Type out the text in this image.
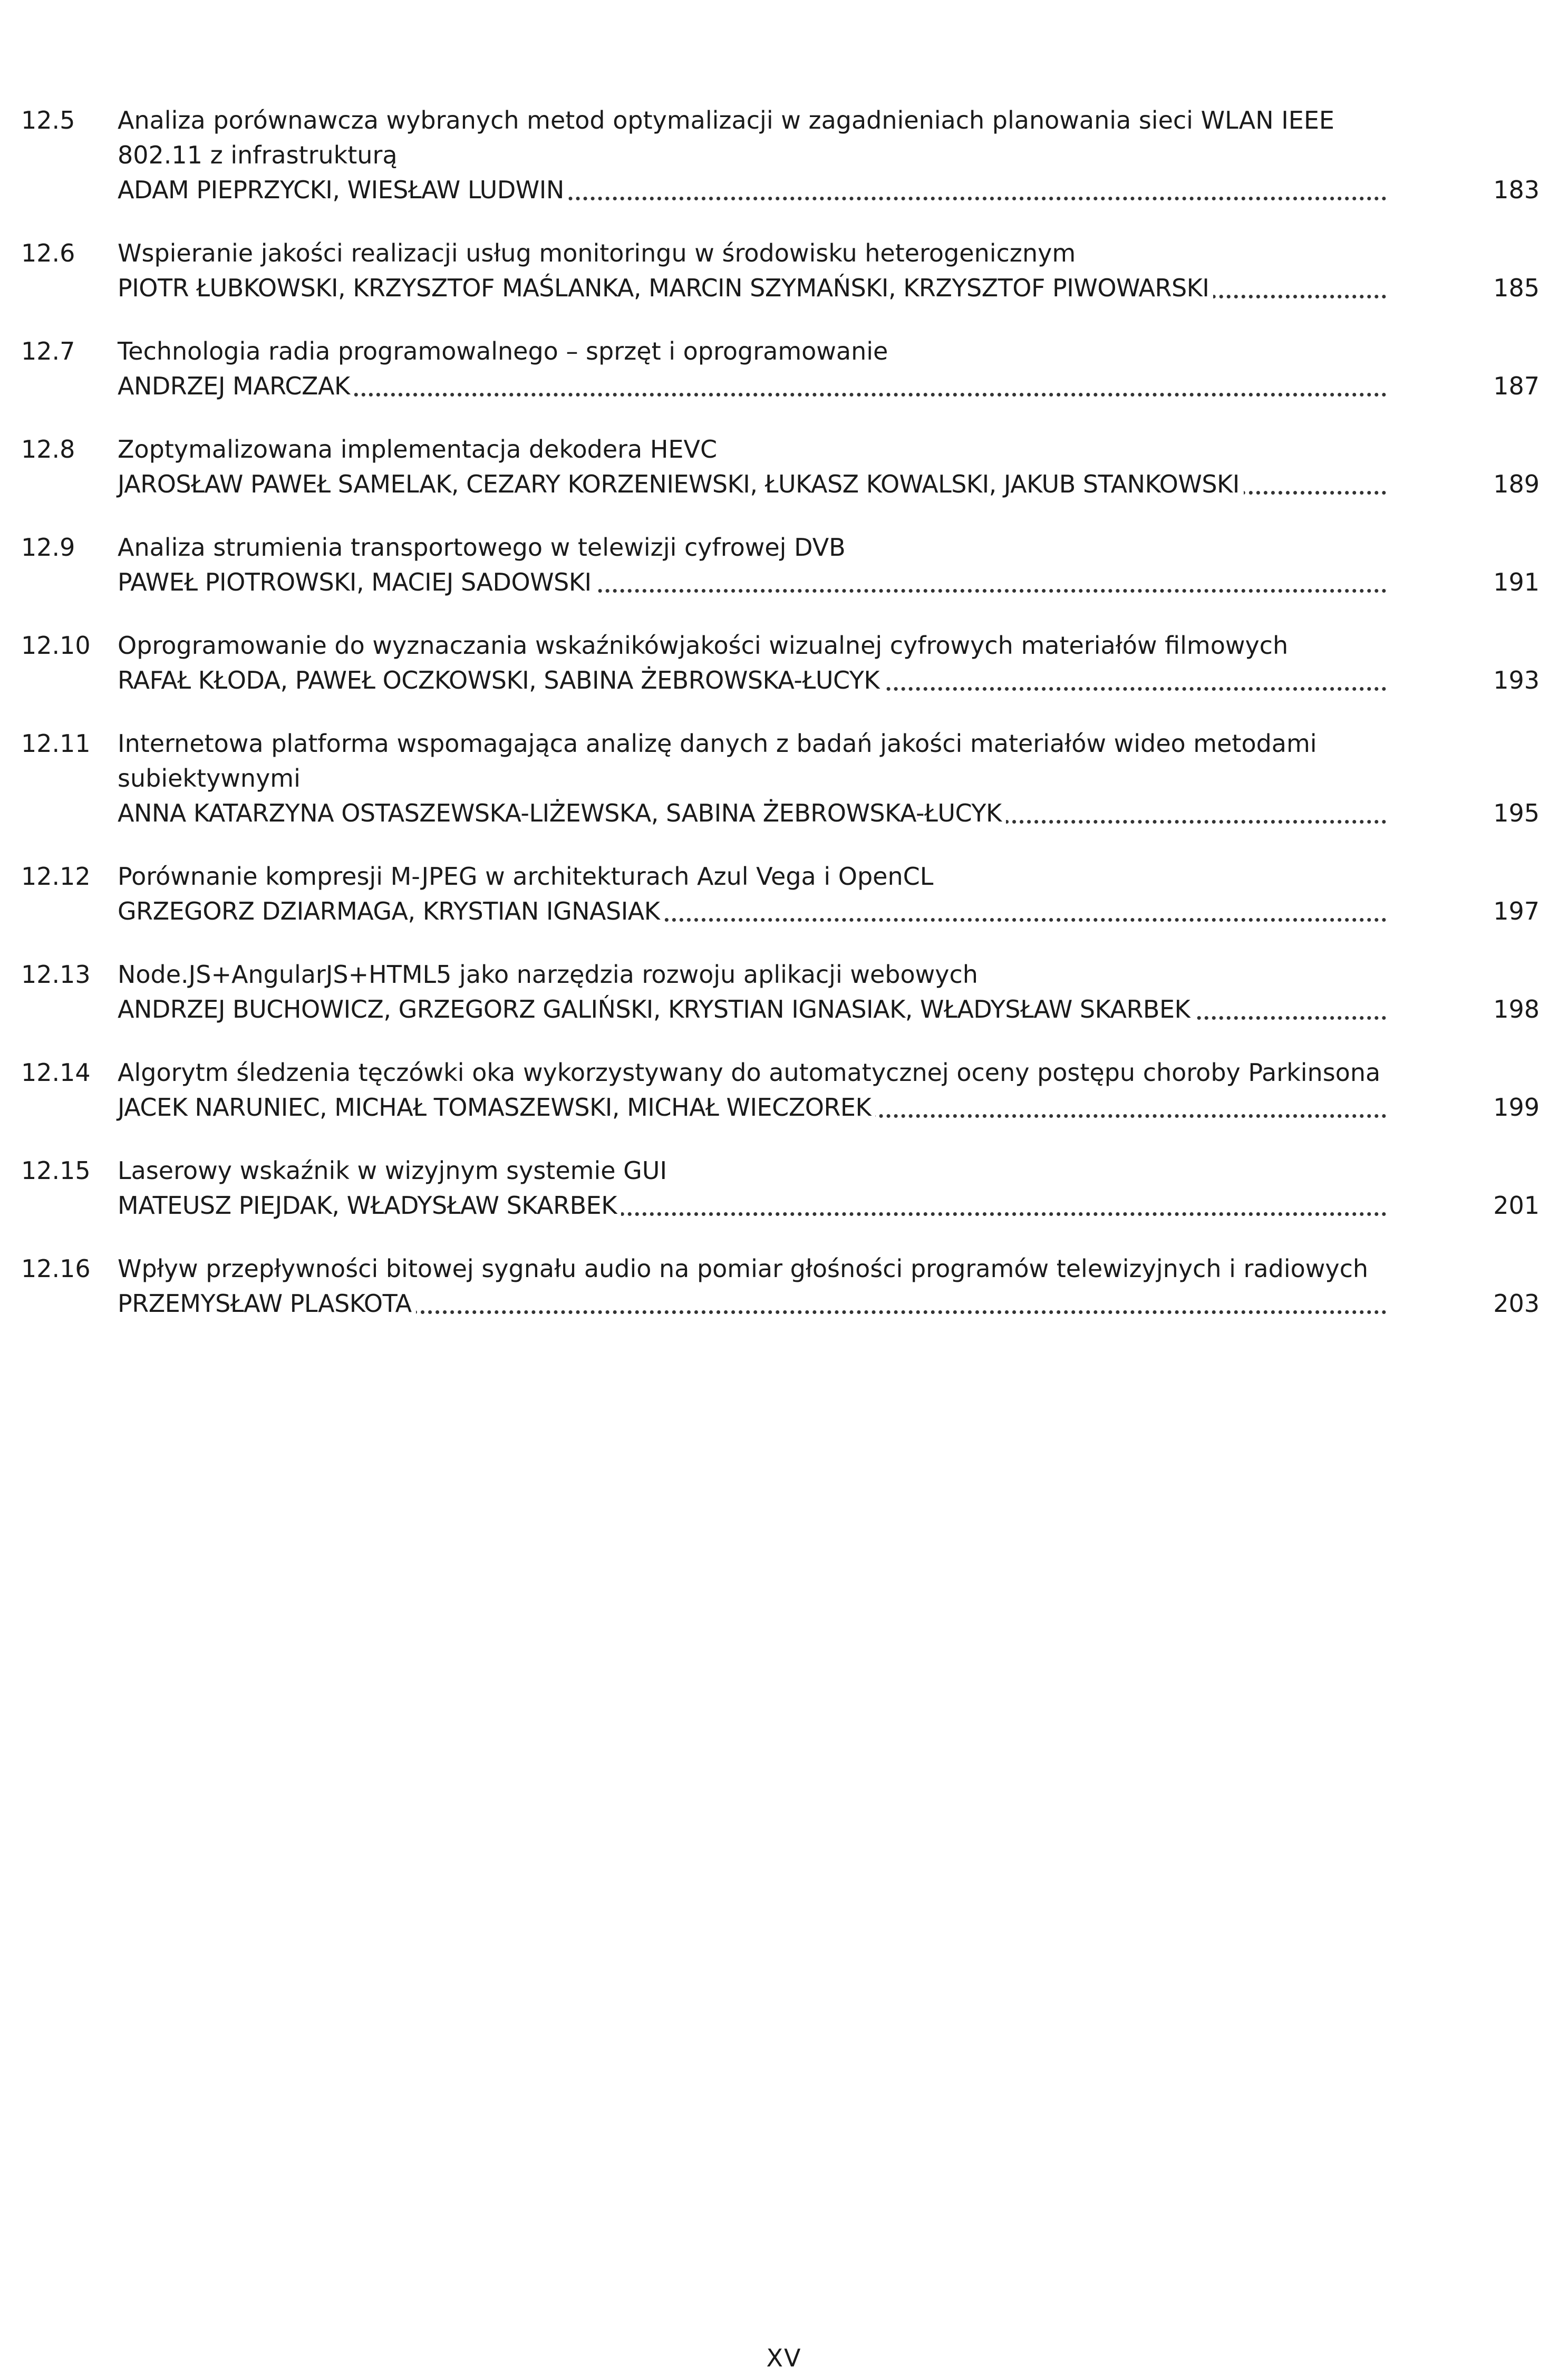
12.5	Analiza porównawcza wybranych metod optymalizacji w zagadnieniach planowania sieci WLAN IEEE 802.11 z infrastrukturą
ADAM PIEPRZYCKI, WIESŁAW LUDWIN	183
12.6	Wspieranie jakości realizacji usług monitoringu w środowisku heterogenicznym
PIOTR ŁUBKOWSKI, KRZYSZTOF MAŚLANKA, MARCIN SZYMAŃSKI, KRZYSZTOF PIWOWARSKI	185
12.7	Technologia radia programowalnego – sprzęt i oprogramowanie
ANDRZEJ MARCZAK	187
12.8	Zoptymalizowana implementacja dekodera HEVC
JAROSŁAW PAWEŁ SAMELAK, CEZARY KORZENIEWSKI, ŁUKASZ KOWALSKI, JAKUB STANKOWSKI	189
12.9	Analiza strumienia transportowego w telewizji cyfrowej DVB
PAWEŁ PIOTROWSKI, MACIEJ SADOWSKI	191
12.10	Oprogramowanie do wyznaczania wskaźnikówjakości wizualnej cyfrowych materiałów filmowych
RAFAŁ KŁODA, PAWEŁ OCZKOWSKI, SABINA ŻEBROWSKA-ŁUCYK	193
12.11	Internetowa platforma wspomagająca analizę danych z badań jakości materiałów wideo metodami subiektywnymi
ANNA KATARZYNA OSTASZEWSKA-LIŻEWSKA, SABINA ŻEBROWSKA-ŁUCYK	195
12.12	Porównanie kompresji M-JPEG w architekturach Azul Vega i OpenCL
GRZEGORZ DZIARMAGA, KRYSTIAN IGNASIAK	197
12.13	Node.JS+AngularJS+HTML5 jako narzędzia rozwoju aplikacji webowych
ANDRZEJ BUCHOWICZ, GRZEGORZ GALIŃSKI, KRYSTIAN IGNASIAK, WŁADYSŁAW SKARBEK	198
12.14	Algorytm śledzenia tęczówki oka wykorzystywany do automatycznej oceny postępu choroby Parkinsona
JACEK NARUNIEC, MICHAŁ TOMASZEWSKI, MICHAŁ WIECZOREK	199
12.15	Laserowy wskaźnik w wizyjnym systemie GUI
MATEUSZ PIEJDAK, WŁADYSŁAW SKARBEK	201
12.16	Wpływ przepływności bitowej sygnału audio na pomiar głośności programów telewizyjnych i radiowych
PRZEMYSŁAW PLASKOTA	203
XV
